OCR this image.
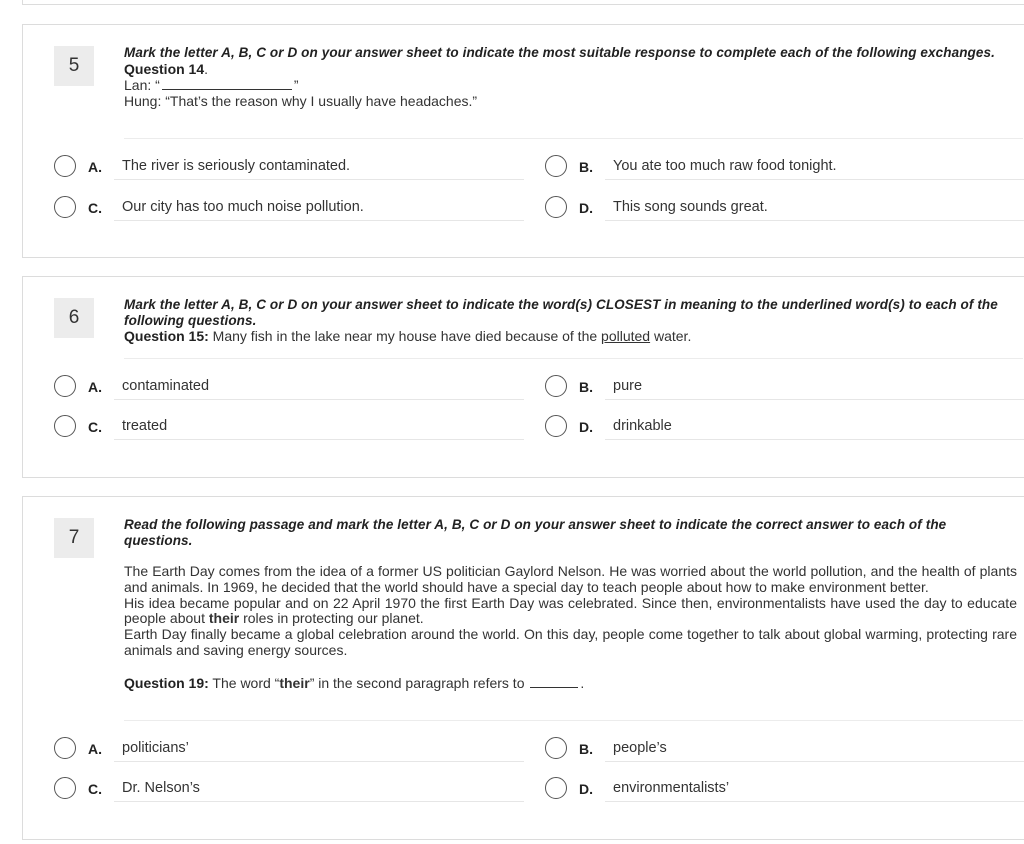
5
Mark the letter A, B, C or D on your answer sheet to indicate the most suitable response to complete each of the following exchanges.
Question 14.
Lan: “	”
Hung: “That’s the reason why I usually have headaches.”
A. The river is seriously contaminated.	B. You ate too much raw food tonight.
C. Our city has too much noise pollution.	D. This song sounds great.
6
Mark the letter A, B, C or D on your answer sheet to indicate the word(s) CLOSEST in meaning to the underlined word(s) to each of the following questions.
Question 15: Many fish in the lake near my house have died because of the polluted water.
A. contaminated	B. pure
C. treated	D. drinkable
7
Read the following passage and mark the letter A, B, C or D on your answer sheet to indicate the correct answer to each of the questions.
The Earth Day comes from the idea of a former US politician Gaylord Nelson. He was worried about the world pollution, and the health of plants and animals. In 1969, he decided that the world should have a special day to teach people about how to make environment better.
His idea became popular and on 22 April 1970 the first Earth Day was celebrated. Since then, environmentalists have used the day to educate people about their roles in protecting our planet.
Earth Day finally became a global celebration around the world. On this day, people come together to talk about global warming, protecting rare animals and saving energy sources.
Question 19: The word “their” in the second paragraph refers to	.
A. politicians’	B. people’s
C. Dr. Nelson’s	D. environmentalists’
